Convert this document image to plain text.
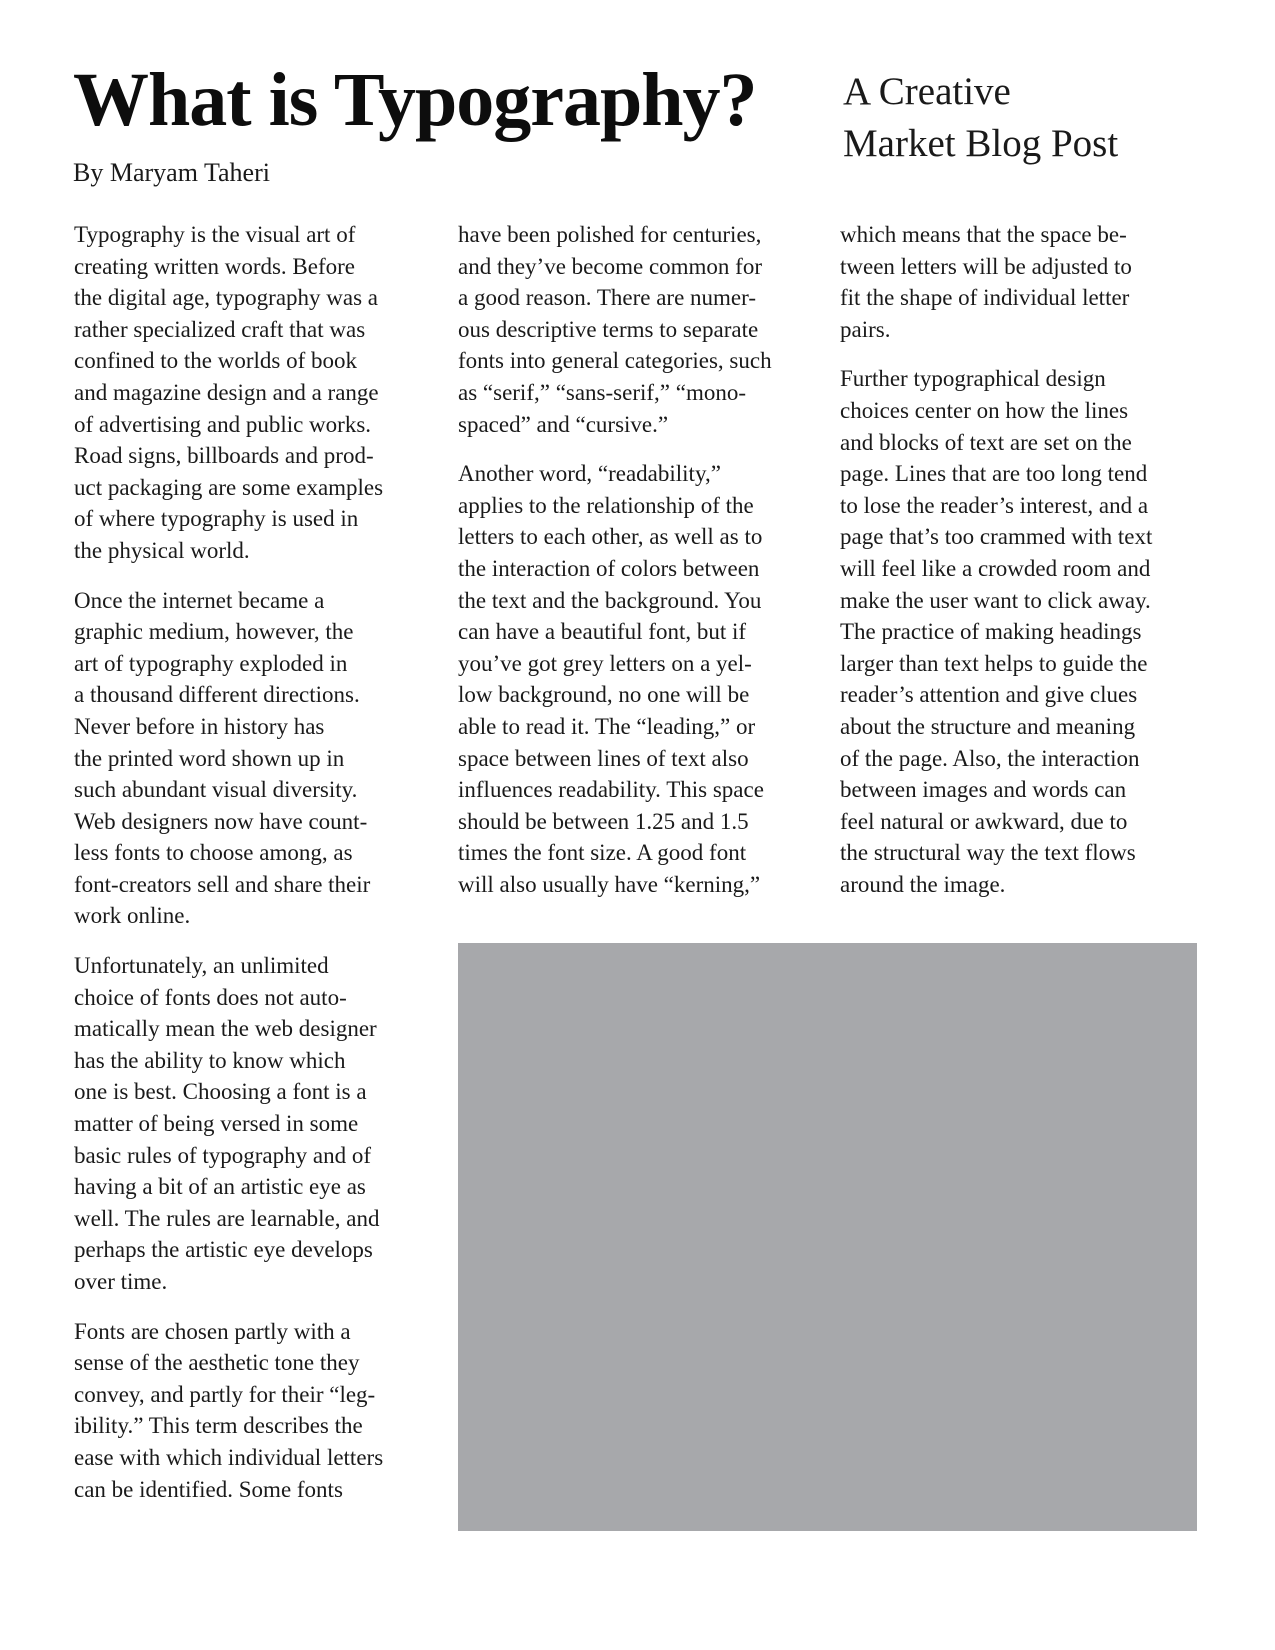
What is Typography? A Creative
Market Blog Post
By Maryam Taheri

Typography is the visual art of
creating written words. Before
the digital age, typography was a
rather specialized craft that was
confined to the worlds of book
and magazine design and a range
of advertising and public works.
Road signs, billboards and prod-
uct packaging are some examples
of where typography is used in
the physical world.

Once the internet became a
graphic medium, however, the
art of typography exploded in
a thousand different directions.
Never before in history has
the printed word shown up in
such abundant visual diversity.
Web designers now have count-
less fonts to choose among, as
font-creators sell and share their
work online.

Unfortunately, an unlimited
choice of fonts does not auto-
matically mean the web designer
has the ability to know which
one is best. Choosing a font is a
matter of being versed in some
basic rules of typography and of
having a bit of an artistic eye as
well. The rules are learnable, and
perhaps the artistic eye develops
over time.

Fonts are chosen partly with a
sense of the aesthetic tone they
convey, and partly for their “leg-
ibility.” This term describes the
ease with which individual letters
can be identified. Some fonts

have been polished for centuries,
and they’ve become common for
a good reason. There are numer-
ous descriptive terms to separate
fonts into general categories, such
as “serif,” “sans-serif,” “mono-
spaced” and “cursive.”

Another word, “readability,”
applies to the relationship of the
letters to each other, as well as to
the interaction of colors between
the text and the background. You
can have a beautiful font, but if
you’ve got grey letters on a yel-
low background, no one will be
able to read it. The “leading,” or
space between lines of text also
influences readability. This space
should be between 1.25 and 1.5
times the font size. A good font
will also usually have “kerning,”

which means that the space be-
tween letters will be adjusted to
fit the shape of individual letter
pairs.

Further typographical design
choices center on how the lines
and blocks of text are set on the
page. Lines that are too long tend
to lose the reader’s interest, and a
page that’s too crammed with text
will feel like a crowded room and
make the user want to click away.
The practice of making headings
larger than text helps to guide the
reader’s attention and give clues
about the structure and meaning
of the page. Also, the interaction
between images and words can
feel natural or awkward, due to
the structural way the text flows
around the image.
